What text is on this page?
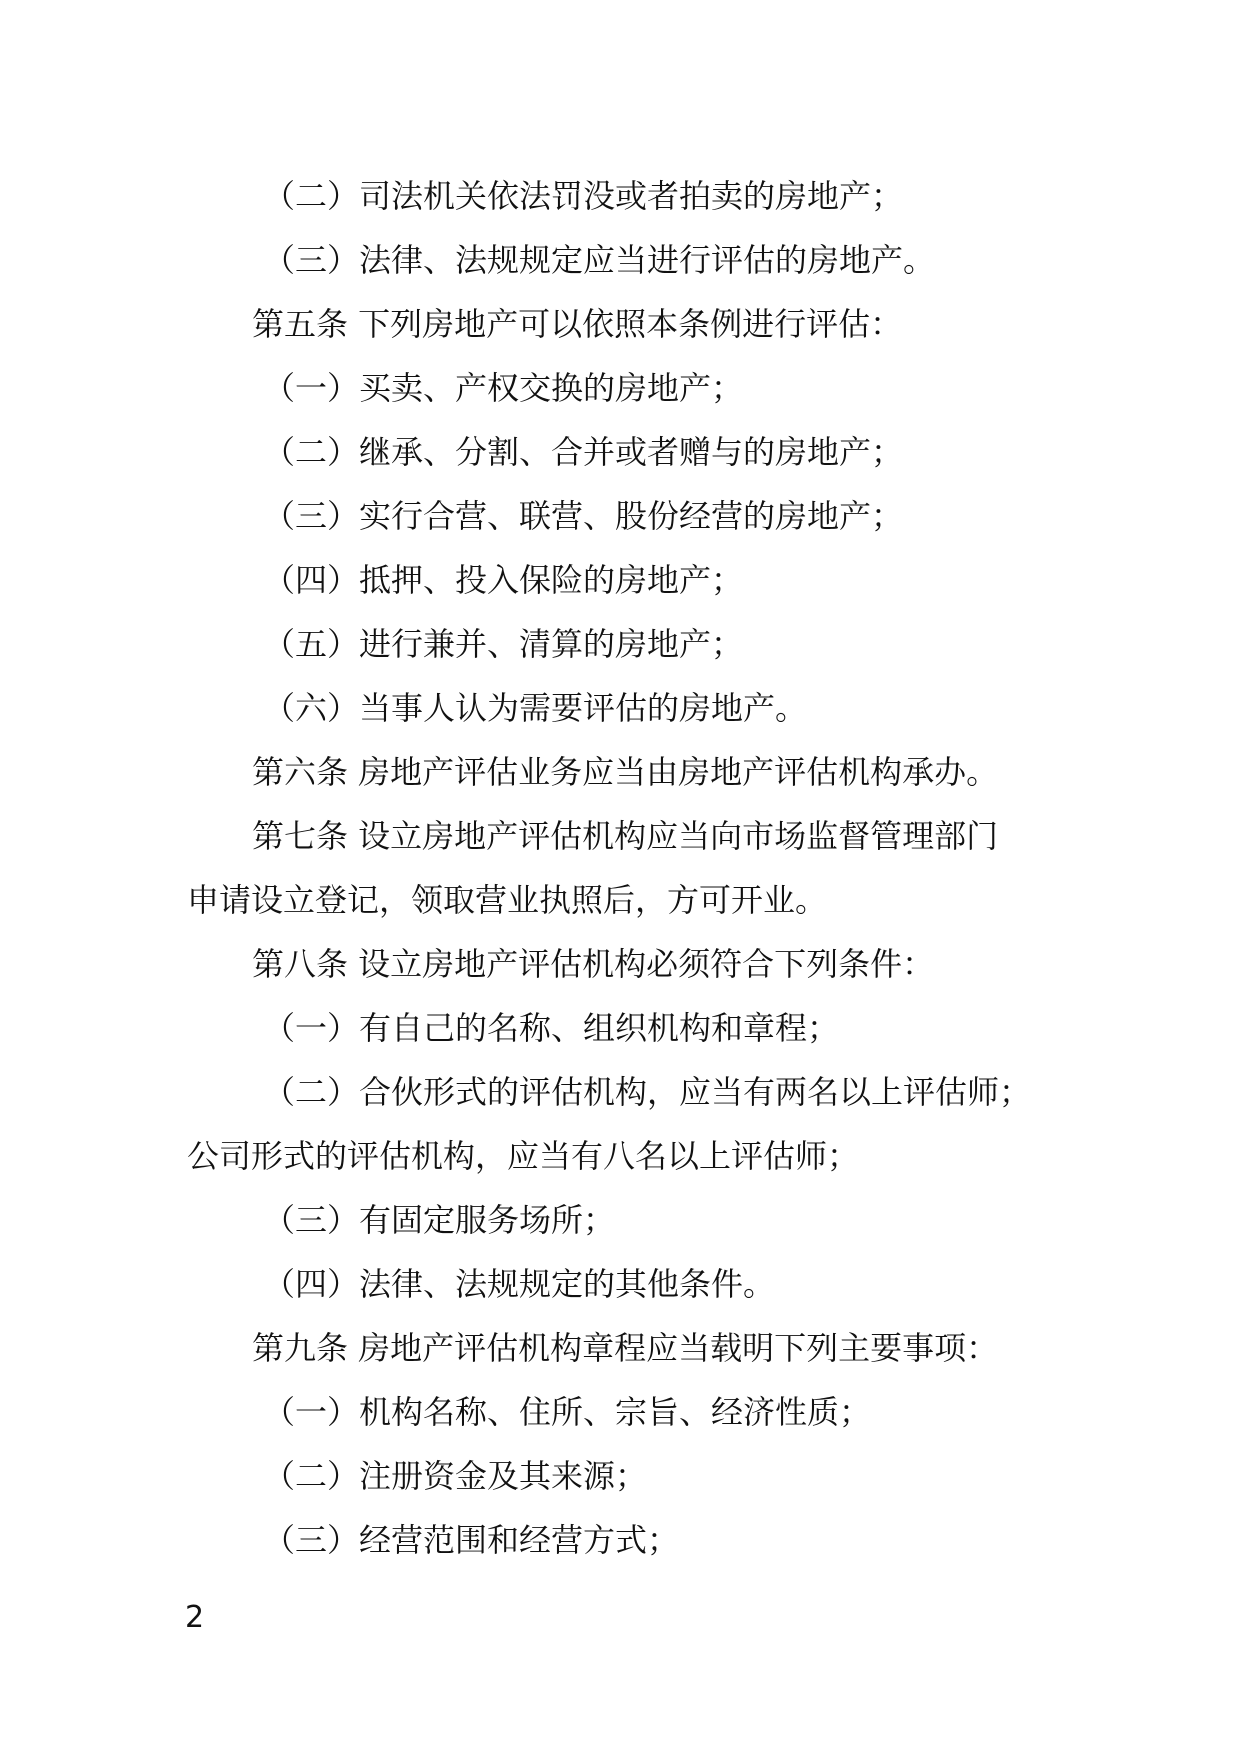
（二）司法机关依法罚没或者拍卖的房地产；
（三）法律、法规规定应当进行评估的房地产。
第五条 下列房地产可以依照本条例进行评估：
（一）买卖、产权交换的房地产；
（二）继承、分割、合并或者赠与的房地产；
（三）实行合营、联营、股份经营的房地产；
（四）抵押、投入保险的房地产；
（五）进行兼并、清算的房地产；
（六）当事人认为需要评估的房地产。
第六条 房地产评估业务应当由房地产评估机构承办。
第七条 设立房地产评估机构应当向市场监督管理部门
申请设立登记，领取营业执照后，方可开业。
第八条 设立房地产评估机构必须符合下列条件：
（一）有自己的名称、组织机构和章程；
（二）合伙形式的评估机构，应当有两名以上评估师；
公司形式的评估机构，应当有八名以上评估师；
（三）有固定服务场所；
（四）法律、法规规定的其他条件。
第九条 房地产评估机构章程应当载明下列主要事项：
（一）机构名称、住所、宗旨、经济性质；
（二）注册资金及其来源；
（三）经营范围和经营方式；
2
